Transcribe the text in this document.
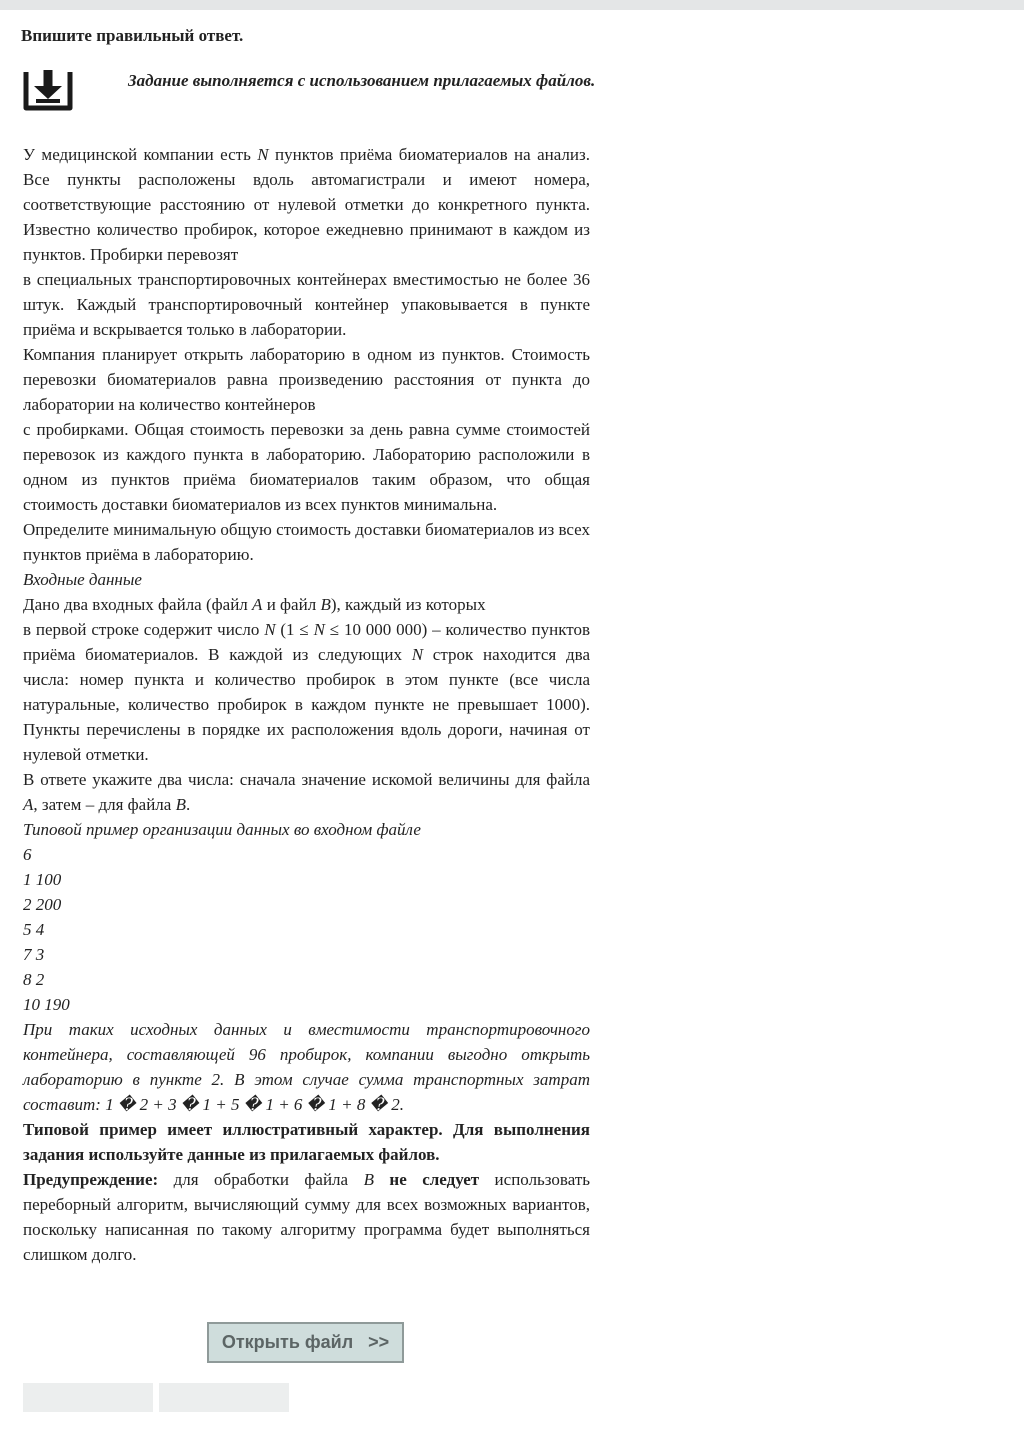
Впишите правильный ответ.
Задание выполняется с использованием прилагаемых файлов.

У медицинской компании есть N пунктов приёма биоматериалов на анализ. Все пункты расположены вдоль автомагистрали и имеют номера, соответствующие расстоянию от нулевой отметки до конкретного пункта. Известно количество пробирок, которое ежедневно принимают в каждом из пунктов. Пробирки перевозят

в специальных транспортировочных контейнерах вместимостью не более 36 штук. Каждый транспортировочный контейнер упаковывается в пункте приёма и вскрывается только в лаборатории.

Компания планирует открыть лабораторию в одном из пунктов. Стоимость перевозки биоматериалов равна произведению расстояния от пункта до лаборатории на количество контейнеров

с пробирками. Общая стоимость перевозки за день равна сумме стоимостей перевозок из каждого пункта в лабораторию. Лабораторию расположили в одном из пунктов приёма биоматериалов таким образом, что общая стоимость доставки биоматериалов из всех пунктов минимальна.

Определите минимальную общую стоимость доставки биоматериалов из всех пунктов приёма в лабораторию.

Входные данные

Дано два входных файла (файл A и файл B), каждый из которых

в первой строке содержит число N (1 ≤ N ≤ 10 000 000) – количество пунктов приёма биоматериалов. В каждой из следующих N строк находится два числа: номер пункта и количество пробирок в этом пункте (все числа натуральные, количество пробирок в каждом пункте не превышает 1000). Пункты перечислены в порядке их расположения вдоль дороги, начиная от нулевой отметки.

В ответе укажите два числа: сначала значение искомой величины для файла A, затем – для файла B.

Типовой пример организации данных во входном файле

6

1 100

2 200

5 4

7 3

8 2

10 190

При таких исходных данных и вместимости транспортировочного контейнера, составляющей 96 пробирок, компании выгодно открыть лабораторию в пункте 2. В этом случае сумма транспортных затрат составит: 1 � 2 + 3 � 1 + 5 � 1 + 6 � 1 + 8 � 2.

Типовой пример имеет иллюстративный характер. Для выполнения задания используйте данные из прилагаемых файлов.

Предупреждение: для обработки файла B не следует использовать переборный алгоритм, вычисляющий сумму для всех возможных вариантов, поскольку написанная по такому алгоритму программа будет выполняться слишком долго.

Открыть файл   >>
